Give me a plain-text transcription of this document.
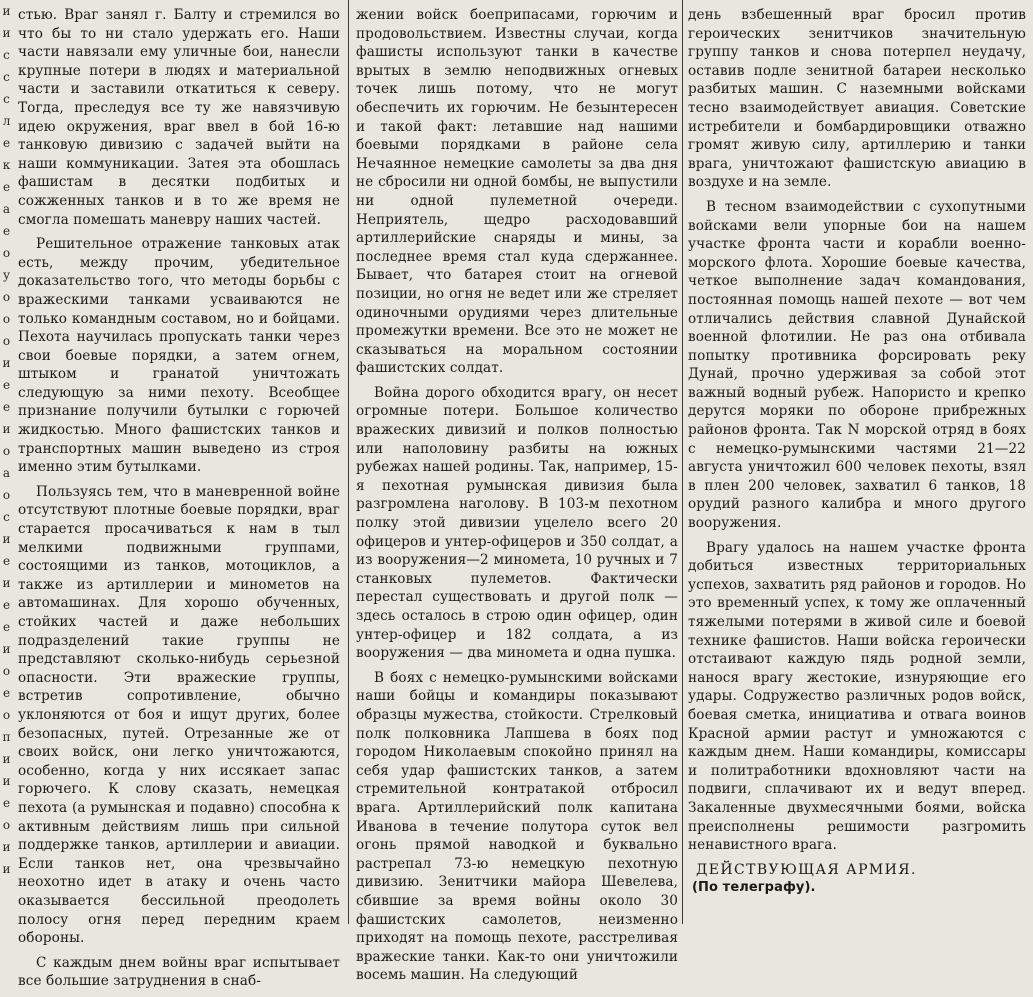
и
и
с
с
с
л
е
к
е
а
е
о
у
о
о
о
и
е
е
и
о
а
о
с
и
е
и
е
е
и
о
е
о
п
и
и
е
о
и
и

стью. Враг занял г. Балту и стремился во что бы то ни стало удержать его. Наши части навязали ему уличные бои, нанесли крупные потери в людях и материальной части и заставили откатиться к северу. Тогда, преследуя все ту же навязчивую идею окружения, враг ввел в бой 16-ю танковую дивизию с задачей выйти на наши коммуникации. Затея эта обошлась фашистам в десятки подбитых и сожженных танков и в то же время не смогла помешать маневру наших частей.

Решительное отражение танковых атак есть, между прочим, убедительное доказательство того, что методы борьбы с вражескими танками усваиваются не только командным составом, но и бойцами. Пехота научилась пропускать танки через свои боевые порядки, а затем огнем, штыком и гранатой уничтожать следующую за ними пехоту. Всеобщее признание получили бутылки с горючей жидкостью. Много фашистских танков и транспортных машин выведено из строя именно этим бутылками.

Пользуясь тем, что в маневренной войне отсутствуют плотные боевые порядки, враг старается просачиваться к нам в тыл мелкими подвижными группами, состоящими из танков, мотоциклов, а также из артиллерии и минометов на автомашинах. Для хорошо обученных, стойких частей и даже небольших подразделений такие группы не представляют сколько-нибудь серьезной опасности. Эти вражеские группы, встретив сопротивление, обычно уклоняются от боя и ищут других, более безопасных, путей. Отрезанные же от своих войск, они легко уничтожаются, особенно, когда у них иссякает запас горючего. К слову сказать, немецкая пехота (а румынская и подавно) способна к активным действиям лишь при сильной поддержке танков, артиллерии и авиации. Если танков нет, она чрезвычайно неохотно идет в атаку и очень часто оказывается бессильной преодолеть полосу огня перед передним краем обороны.

С каждым днем войны враг испытывает все большие затруднения в снаб-

жении войск боеприпасами, горючим и продовольствием. Известны случаи, когда фашисты используют танки в качестве врытых в землю неподвижных огневых точек лишь потому, что не могут обеспечить их горючим. Не безынтересен и такой факт: летавшие над нашими боевыми порядками в районе села Нечаянное немецкие самолеты за два дня не сбросили ни одной бомбы, не выпустили ни одной пулеметной очереди. Неприятель, щедро расходовавший артиллерийские снаряды и мины, за последнее время стал куда сдержаннее. Бывает, что батарея стоит на огневой позиции, но огня не ведет или же стреляет одиночными орудиями через длительные промежутки времени. Все это не может не сказываться на моральном состоянии фашистских солдат.

Война дорого обходится врагу, он несет огромные потери. Большое количество вражеских дивизий и полков полностью или наполовину разбиты на южных рубежах нашей родины. Так, например, 15-я пехотная румынская дивизия была разгромлена наголову. В 103-м пехотном полку этой дивизии уцелело всего 20 офицеров и унтер-офицеров и 350 солдат, а из вооружения—2 миномета, 10 ручных и 7 станковых пулеметов. Фактически перестал существовать и другой полк — здесь осталось в строю один офицер, один унтер-офицер и 182 солдата, а из вооружения — два миномета и одна пушка.

В боях с немецко-румынскими войсками наши бойцы и командиры показывают образцы мужества, стойкости. Стрелковый полк полковника Лапшева в боях под городом Николаевым спокойно принял на себя удар фашистских танков, а затем стремительной контратакой отбросил врага. Артиллерийский полк капитана Иванова в течение полутора суток вел огонь прямой наводкой и буквально растрепал 73-ю немецкую пехотную дивизию. Зенитчики майора Шевелева, сбившие за время войны около 30 фашистских самолетов, неизменно приходят на помощь пехоте, расстреливая вражеские танки. Как-то они уничтожили восемь машин. На следующий

день взбешенный враг бросил против героических зенитчиков значительную группу танков и снова потерпел неудачу, оставив подле зенитной батареи несколько разбитых машин. С наземными войсками тесно взаимодействует авиация. Советские истребители и бомбардировщики отважно громят живую силу, артиллерию и танки врага, уничтожают фашистскую авиацию в воздухе и на земле.

В тесном взаимодействии с сухопутными войсками вели упорные бои на нашем участке фронта части и корабли военно-морского флота. Хорошие боевые качества, четкое выполнение задач командования, постоянная помощь нашей пехоте — вот чем отличались действия славной Дунайской военной флотилии. Не раз она отбивала попытку противника форсировать реку Дунай, прочно удерживая за собой этот важный водный рубеж. Напористо и крепко дерутся моряки по обороне прибрежных районов фронта. Так N морской отряд в боях с немецко-румынскими частями 21—22 августа уничтожил 600 человек пехоты, взял в плен 200 человек, захватил 6 танков, 18 орудий разного калибра и много другого вооружения.

Врагу удалось на нашем участке фронта добиться известных территориальных успехов, захватить ряд районов и городов. Но это временный успех, к тому же оплаченный тяжелыми потерями в живой силе и боевой технике фашистов. Наши войска героически отстаивают каждую пядь родной земли, нанося врагу жестокие, изнуряющие его удары. Содружество различных родов войск, боевая сметка, инициатива и отвага воинов Красной армии растут и умножаются с каждым днем. Наши командиры, комиссары и политработники вдохновляют части на подвиги, сплачивают их и ведут вперед. Закаленные двухмесячными боями, войска преисполнены решимости разгромить ненавистного врага.

ДЕЙСТВУЮЩАЯ АРМИЯ.
(По телеграфу).
